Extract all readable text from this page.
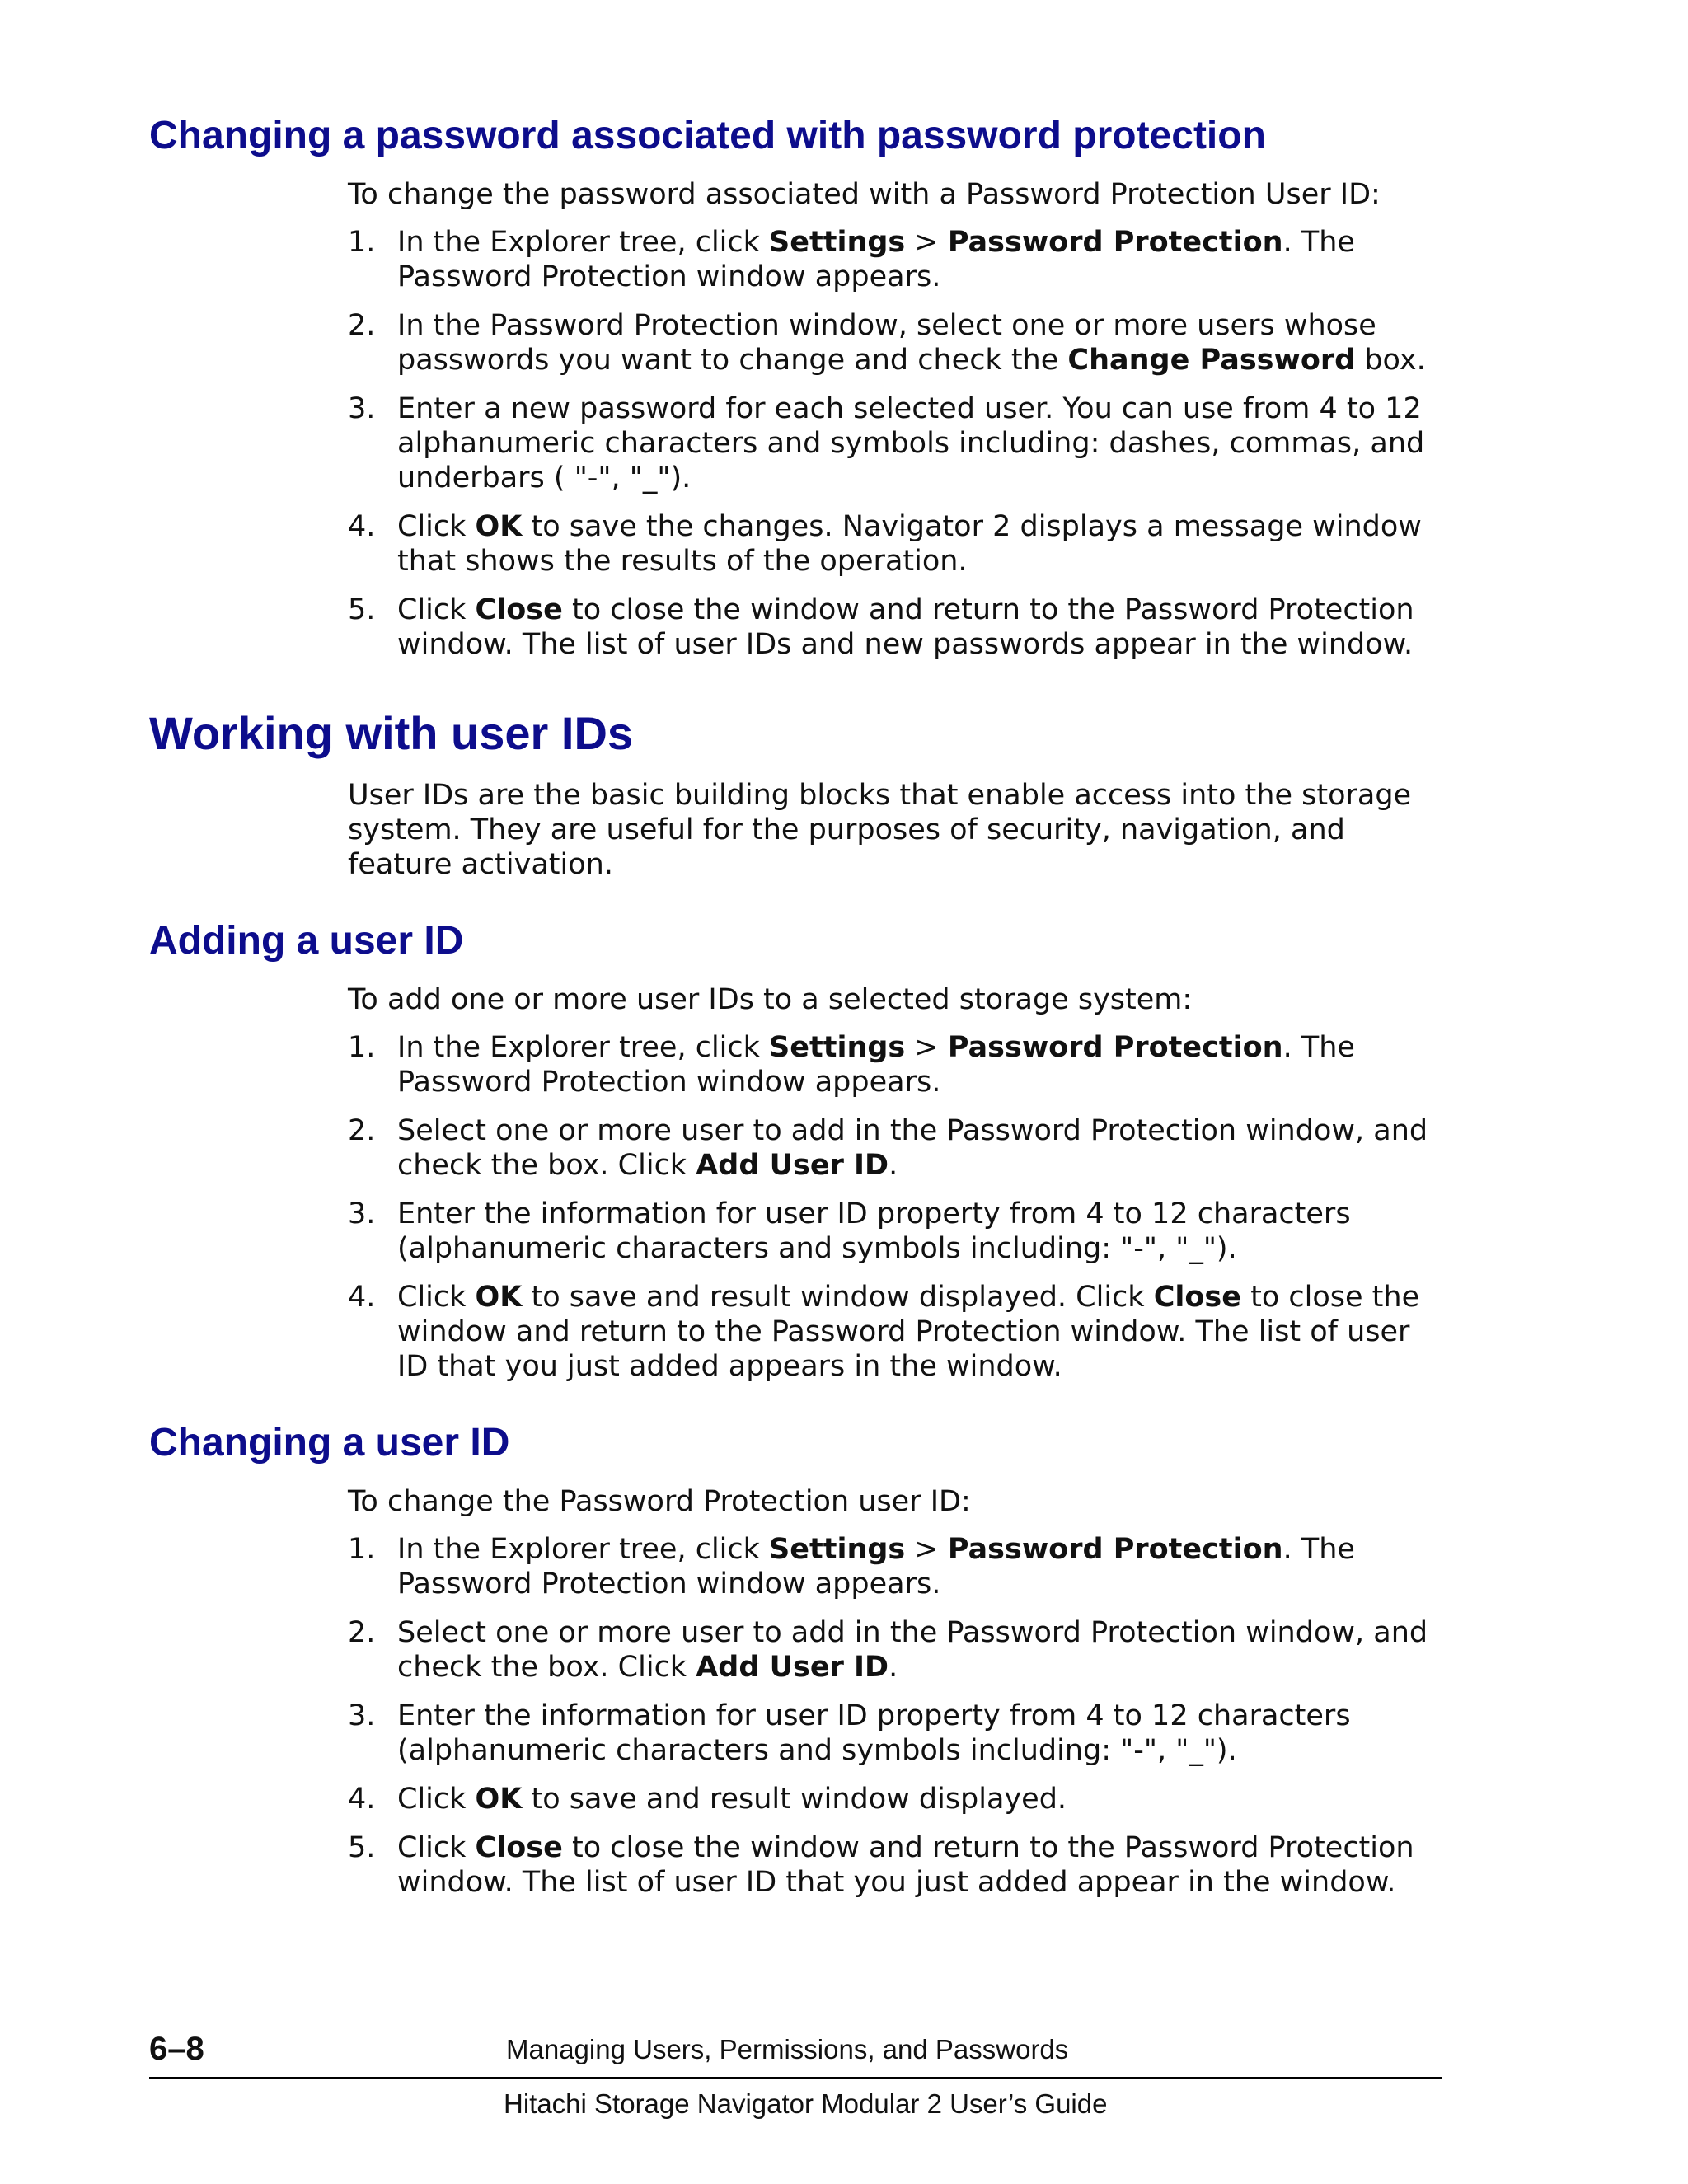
Changing a password associated with password protection

To change the password associated with a Password Protection User ID:

1. In the Explorer tree, click Settings > Password Protection. The
Password Protection window appears.
2. In the Password Protection window, select one or more users whose
passwords you want to change and check the Change Password box.
3. Enter a new password for each selected user. You can use from 4 to 12
alphanumeric characters and symbols including: dashes, commas, and
underbars ( "-", "_").
4. Click OK to save the changes. Navigator 2 displays a message window
that shows the results of the operation.
5. Click Close to close the window and return to the Password Protection
window. The list of user IDs and new passwords appear in the window.
Working with user IDs
User IDs are the basic building blocks that enable access into the storage
system. They are useful for the purposes of security, navigation, and
feature activation.
Adding a user ID

To add one or more user IDs to a selected storage system:

1. In the Explorer tree, click Settings > Password Protection. The
Password Protection window appears.
2. Select one or more user to add in the Password Protection window, and
check the box. Click Add User ID.
3. Enter the information for user ID property from 4 to 12 characters
(alphanumeric characters and symbols including: "-", "_").
4. Click OK to save and result window displayed. Click Close to close the
window and return to the Password Protection window. The list of user
ID that you just added appears in the window.
Changing a user ID

To change the Password Protection user ID:

1. In the Explorer tree, click Settings > Password Protection. The
Password Protection window appears.
2. Select one or more user to add in the Password Protection window, and
check the box. Click Add User ID.
3. Enter the information for user ID property from 4 to 12 characters
(alphanumeric characters and symbols including: "-", "_").
4. Click OK to save and result window displayed.
5. Click Close to close the window and return to the Password Protection
window. The list of user ID that you just added appear in the window.
6–8	Managing Users, Permissions, and Passwords
Hitachi Storage Navigator Modular 2 User’s Guide
